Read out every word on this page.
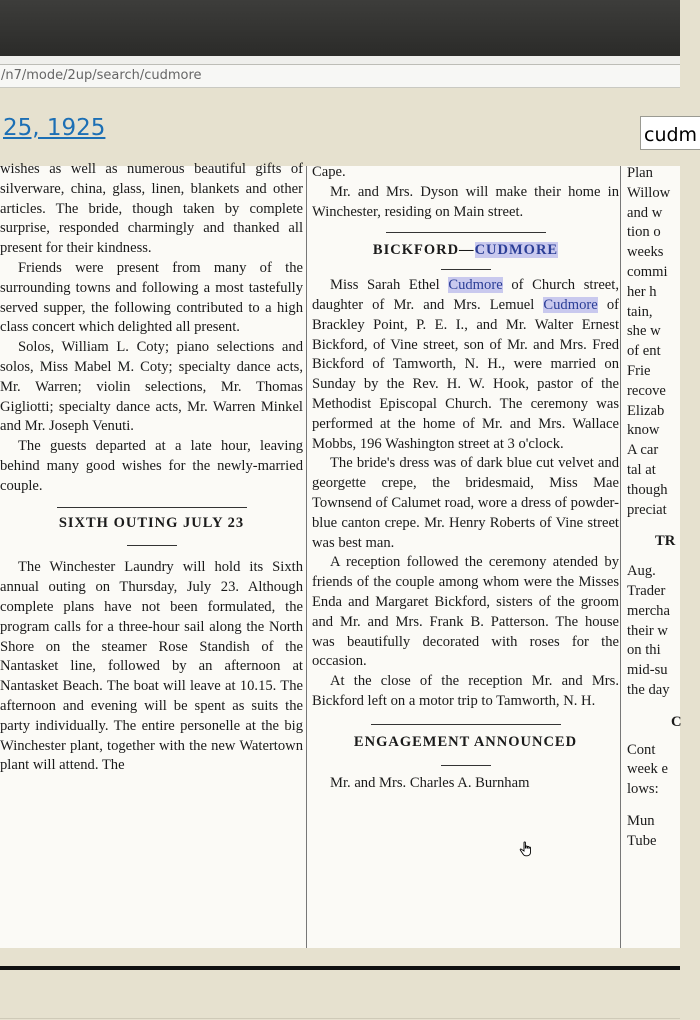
/n7/mode/2up/search/cudmore
25, 1925
cudm

wishes as well as numerous beautiful gifts of silverware, china, glass, linen, blankets and other articles. The bride, though taken by complete surprise, responded charmingly and thanked all present for their kindness.

Friends were present from many of the surrounding towns and following a most tastefully served supper, the following contributed to a high class concert which delighted all present.

Solos, William L. Coty; piano selections and solos, Miss Mabel M. Coty; specialty dance acts, Mr. Warren; violin selections, Mr. Thomas Gigliotti; specialty dance acts, Mr. Warren Minkel and Mr. Joseph Venuti.

The guests departed at a late hour, leaving behind many good wishes for the newly-married couple.

SIXTH OUTING JULY 23

The Winchester Laundry will hold its Sixth annual outing on Thursday, July 23. Although complete plans have not been formulated, the program calls for a three-hour sail along the North Shore on the steamer Rose Standish of the Nantasket line, followed by an afternoon at Nantasket Beach. The boat will leave at 10.15. The afternoon and evening will be spent as suits the party individually. The entire personelle at the big Winchester plant, together with the new Watertown plant will attend. The

Cape.

Mr. and Mrs. Dyson will make their home in Winchester, residing on Main street.

BICKFORD—CUDMORE

Miss Sarah Ethel Cudmore of Church street, daughter of Mr. and Mrs. Lemuel Cudmore of Brackley Point, P. E. I., and Mr. Walter Ernest Bickford, of Vine street, son of Mr. and Mrs. Fred Bickford of Tamworth, N. H., were married on Sunday by the Rev. H. W. Hook, pastor of the Methodist Episcopal Church. The ceremony was performed at the home of Mr. and Mrs. Wallace Mobbs, 196 Washington street at 3 o'clock.

The bride's dress was of dark blue cut velvet and georgette crepe, the bridesmaid, Miss Mae Townsend of Calumet road, wore a dress of powder-blue canton crepe. Mr. Henry Roberts of Vine street was best man.

A reception followed the ceremony atended by friends of the couple among whom were the Misses Enda and Margaret Bickford, sisters of the groom and Mr. and Mrs. Frank B. Patterson. The house was beautifully decorated with roses for the occasion.

At the close of the reception Mr. and Mrs. Bickford left on a motor trip to Tamworth, N. H.

ENGAGEMENT ANNOUNCED

Mr. and Mrs. Charles A. Burnham

Plan
Willow
and w
tion o
weeks
commi
her h
tain,
she w
of ent
Frie
recove
Elizab
know
A car
tal at
though
preciat
TR
Aug.
Trader
mercha
their w
on thi
mid-su
the day
C
Cont
week e
lows:
Mun
Tube
